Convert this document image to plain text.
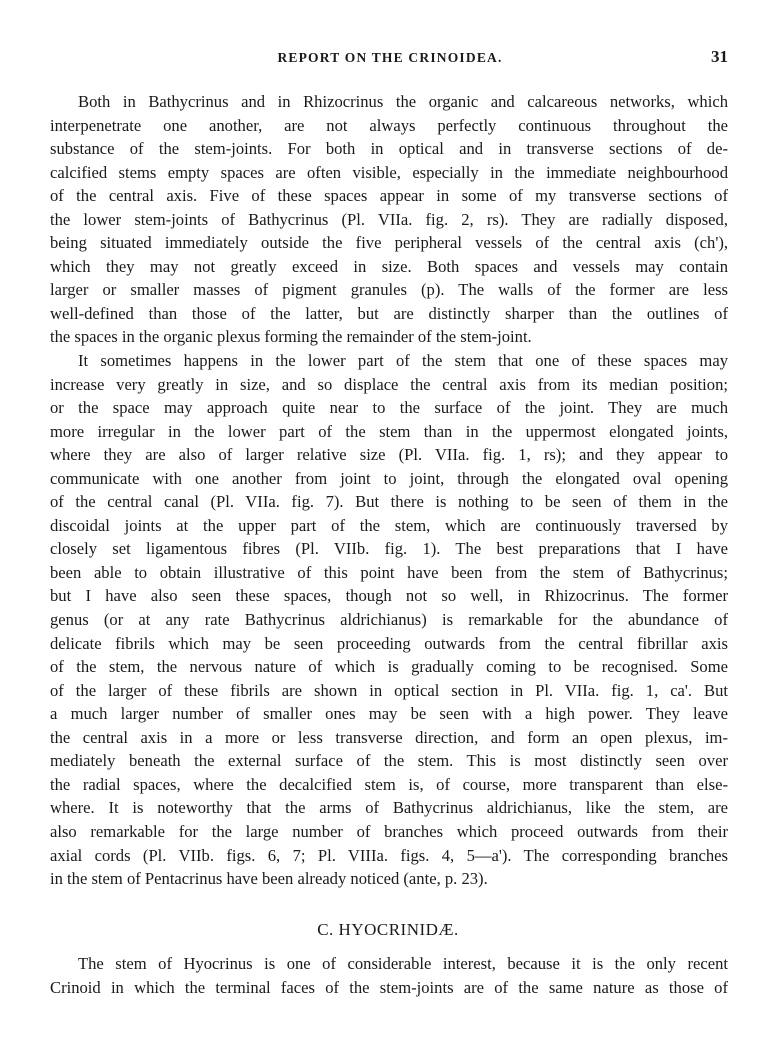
REPORT ON THE CRINOIDEA.	31
Both in Bathycrinus and in Rhizocrinus the organic and calcareous networks, which
interpenetrate one another, are not always perfectly continuous throughout the
substance of the stem-joints. For both in optical and in transverse sections of de-
calcified stems empty spaces are often visible, especially in the immediate neighbourhood
of the central axis. Five of these spaces appear in some of my transverse sections of
the lower stem-joints of Bathycrinus (Pl. VIIa. fig. 2, rs). They are radially disposed,
being situated immediately outside the five peripheral vessels of the central axis (ch'),
which they may not greatly exceed in size. Both spaces and vessels may contain
larger or smaller masses of pigment granules (p). The walls of the former are less
well-defined than those of the latter, but are distinctly sharper than the outlines of
the spaces in the organic plexus forming the remainder of the stem-joint.
It sometimes happens in the lower part of the stem that one of these spaces may
increase very greatly in size, and so displace the central axis from its median position;
or the space may approach quite near to the surface of the joint. They are much
more irregular in the lower part of the stem than in the uppermost elongated joints,
where they are also of larger relative size (Pl. VIIa. fig. 1, rs); and they appear to
communicate with one another from joint to joint, through the elongated oval opening
of the central canal (Pl. VIIa. fig. 7). But there is nothing to be seen of them in the
discoidal joints at the upper part of the stem, which are continuously traversed by
closely set ligamentous fibres (Pl. VIIb. fig. 1). The best preparations that I have
been able to obtain illustrative of this point have been from the stem of Bathycrinus;
but I have also seen these spaces, though not so well, in Rhizocrinus. The former
genus (or at any rate Bathycrinus aldrichianus) is remarkable for the abundance of
delicate fibrils which may be seen proceeding outwards from the central fibrillar axis
of the stem, the nervous nature of which is gradually coming to be recognised. Some
of the larger of these fibrils are shown in optical section in Pl. VIIa. fig. 1, ca'. But
a much larger number of smaller ones may be seen with a high power. They leave
the central axis in a more or less transverse direction, and form an open plexus, im-
mediately beneath the external surface of the stem. This is most distinctly seen over
the radial spaces, where the decalcified stem is, of course, more transparent than else-
where. It is noteworthy that the arms of Bathycrinus aldrichianus, like the stem, are
also remarkable for the large number of branches which proceed outwards from their
axial cords (Pl. VIIb. figs. 6, 7; Pl. VIIIa. figs. 4, 5—a'). The corresponding branches
in the stem of Pentacrinus have been already noticed (ante, p. 23).
C. HYOCRINIDÆ.
The stem of Hyocrinus is one of considerable interest, because it is the only recent
Crinoid in which the terminal faces of the stem-joints are of the same nature as those of
